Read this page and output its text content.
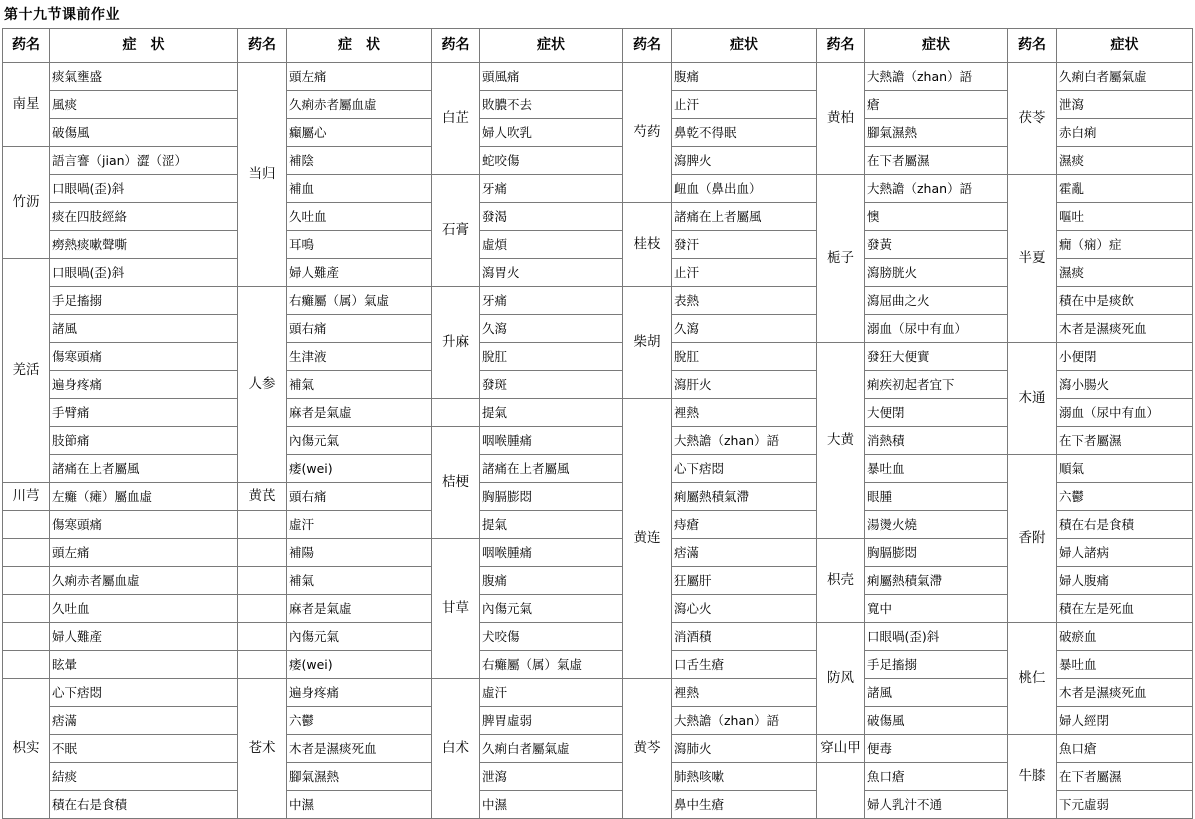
第十九节课前作业
药名	症　状	药名	症　状	药名	症状	药名	症状	药名	症状	药名	症状
南星	痰氣壅盛	当归	頭左痛	白芷	頭風痛	芍药	腹痛	黄柏	大熱譫（zhan）語	茯苓	久痢白者屬氣虛
	風痰		久痢赤者屬血虛		敗膿不去		止汗		瘡		泄瀉
	破傷風		癲屬心		婦人吹乳		鼻乾不得眠		腳氣濕熱		赤白痢
竹沥	語言謇（jian）澀（涩）		補陰		蛇咬傷		瀉脾火		在下者屬濕		濕痰
	口眼喎(歪)斜		補血	石膏	牙痛		衄血（鼻出血）	栀子	大熱譫（zhan）語	半夏	霍亂
	痰在四肢經絡		久吐血		發渴	桂枝	諸痛在上者屬風		懊		嘔吐
	癆熱痰嗽聲嘶		耳鳴		虛煩		發汗		發黃		癇（痫）症
羌活	口眼喎(歪)斜		婦人難產		瀉胃火		止汗		瀉膀胱火		濕痰
	手足搐搦	人参	右癱屬（属）氣虛	升麻	牙痛	柴胡	表熱		瀉屈曲之火		積在中是痰飲
	諸風		頭右痛		久瀉		久瀉		溺血（尿中有血）		木者是濕痰死血
	傷寒頭痛		生津液		脫肛		脫肛	大黄	發狂大便實	木通	小便閉
	遍身疼痛		補氣		發斑		瀉肝火		痢疾初起者宜下		瀉小腸火
	手臂痛		麻者是氣虛		提氣	黄连	裡熱		大便閉		溺血（尿中有血）
	肢節痛		內傷元氣	桔梗	咽喉腫痛		大熱譫（zhan）語		消熱積		在下者屬濕
	諸痛在上者屬風		痿(wei)		諸痛在上者屬風		心下痞悶		暴吐血	香附	順氣
川芎	左癱（瘫）屬血虛	黄芪	頭右痛		胸膈膨悶		痢屬熱積氣滯		眼腫		六鬱
	傷寒頭痛		虛汗		提氣		痔瘡		湯燙火燒		積在右是食積
	頭左痛		補陽	甘草	咽喉腫痛		痞滿	枳壳	胸膈膨悶		婦人諸病
	久痢赤者屬血虛		補氣		腹痛		狂屬肝		痢屬熱積氣滯		婦人腹痛
	久吐血		麻者是氣虛		內傷元氣		瀉心火		寬中		積在左是死血
	婦人難產		內傷元氣		犬咬傷		消酒積	防风	口眼喎(歪)斜	桃仁	破瘀血
	眩暈		痿(wei)		右癱屬（属）氣虛		口舌生瘡		手足搐搦		暴吐血
枳实	心下痞悶	苍术	遍身疼痛	白术	虛汗	黄芩	裡熱		諸風		木者是濕痰死血
	痞滿		六鬱		脾胃虛弱		大熱譫（zhan）語		破傷風		婦人經閉
	不眠		木者是濕痰死血		久痢白者屬氣虛		瀉肺火	穿山甲	便毒	牛膝	魚口瘡
	結痰		腳氣濕熱		泄瀉		肺熱咳嗽		魚口瘡		在下者屬濕
	積在右是食積		中濕		中濕		鼻中生瘡		婦人乳汁不通		下元虛弱
